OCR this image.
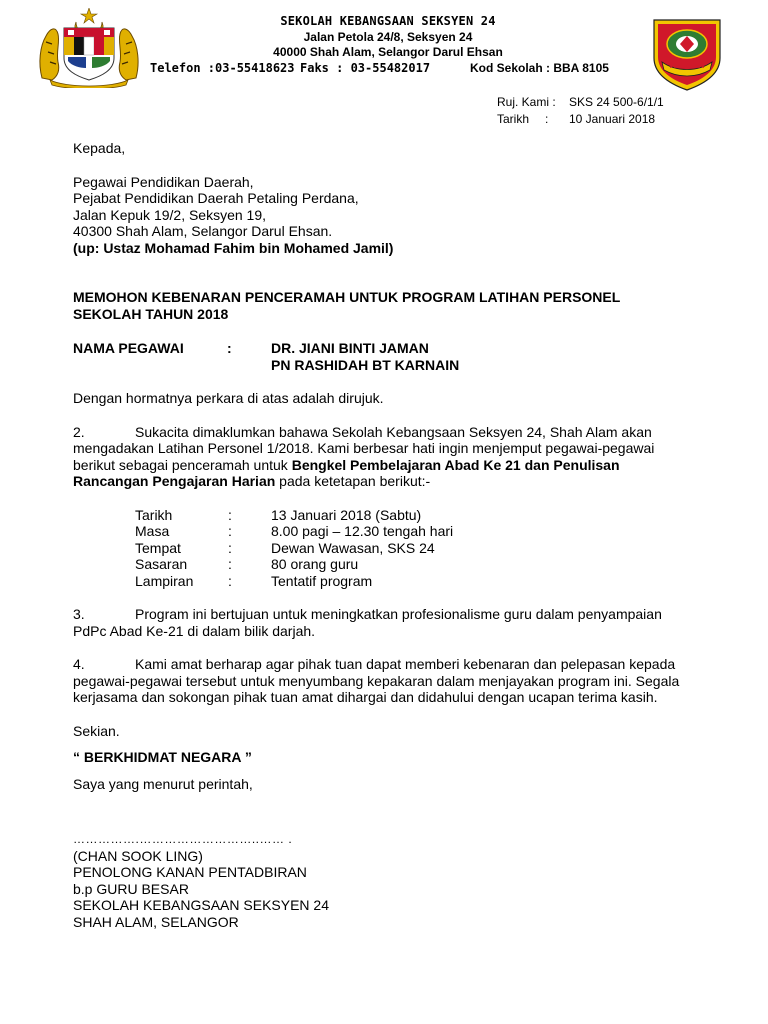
SEKOLAH KEBANGSAAN SEKSYEN 24
Jalan Petola 24/8, Seksyen 24
40000 Shah Alam, Selangor Darul Ehsan
Telefon :03-55418623 Faks : 03-55482017	Kod Sekolah : BBA 8105
Ruj. Kami : SKS 24 500-6/1/1
Tarikh	:	10 Januari 2018
Kepada,
Pegawai Pendidikan Daerah,
Pejabat Pendidikan Daerah Petaling Perdana,
Jalan Kepuk 19/2, Seksyen 19,
40300 Shah Alam, Selangor Darul Ehsan.
(up: Ustaz Mohamad Fahim bin Mohamed Jamil)
MEMOHON KEBENARAN PENCERAMAH UNTUK PROGRAM LATIHAN PERSONEL
SEKOLAH TAHUN 2018
NAMA PEGAWAI	:	DR. JIANI BINTI JAMAN
PN RASHIDAH BT KARNAIN
Dengan hormatnya perkara di atas adalah dirujuk.
2.	Sukacita dimaklumkan bahawa Sekolah Kebangsaan Seksyen 24, Shah Alam akan
mengadakan Latihan Personel 1/2018. Kami berbesar hati ingin menjemput pegawai-pegawai
berikut sebagai penceramah untuk Bengkel Pembelajaran Abad Ke 21 dan Penulisan
Rancangan Pengajaran Harian pada ketetapan berikut:-
Tarikh	:	13 Januari 2018 (Sabtu)
Masa	:	8.00 pagi – 12.30 tengah hari
Tempat	:	Dewan Wawasan, SKS 24
Sasaran	:	80 orang guru
Lampiran	:	Tentatif program
3.	Program ini bertujuan untuk meningkatkan profesionalisme guru dalam penyampaian
PdPc Abad Ke-21 di dalam bilik darjah.
4.	Kami amat berharap agar pihak tuan dapat memberi kebenaran dan pelepasan kepada
pegawai-pegawai tersebut untuk menyumbang kepakaran dalam menjayakan program ini. Segala
kerjasama dan sokongan pihak tuan amat dihargai dan didahului dengan ucapan terima kasih.
Sekian.
“ BERKHIDMAT NEGARA ”
Saya yang menurut perintah,
…………….………………………..…… .
(CHAN SOOK LING)
PENOLONG KANAN PENTADBIRAN
b.p GURU BESAR
SEKOLAH KEBANGSAAN SEKSYEN 24
SHAH ALAM, SELANGOR
